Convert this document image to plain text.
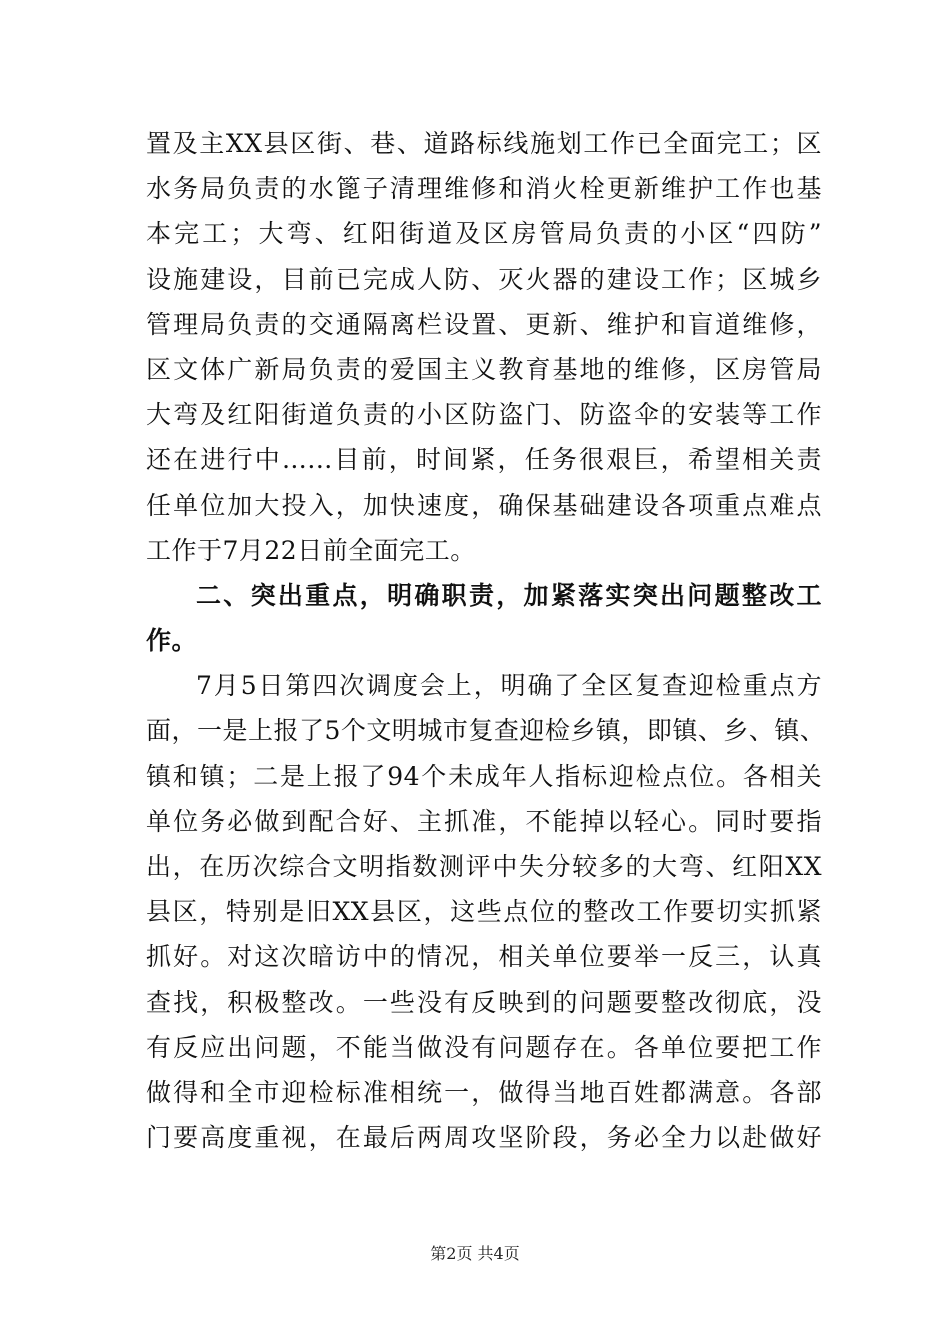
置及主XX县区街、巷、道路标线施划工作已全面完工；区
水务局负责的水篦子清理维修和消火栓更新维护工作也基
本完工；大弯、红阳街道及区房管局负责的小区“四防”
设施建设，目前已完成人防、灭火器的建设工作；区城乡
管理局负责的交通隔离栏设置、更新、维护和盲道维修，
区文体广新局负责的爱国主义教育基地的维修，区房管局
大弯及红阳街道负责的小区防盗门、防盗伞的安装等工作
还在进行中…...目前，时间紧，任务很艰巨，希望相关责
任单位加大投入，加快速度，确保基础建设各项重点难点
工作于7月22日前全面完工。
二、突出重点，明确职责，加紧落实突出问题整改工
作。
7月5日第四次调度会上，明确了全区复查迎检重点方
面，一是上报了5个文明城市复查迎检乡镇，即镇、乡、镇、
镇和镇；二是上报了94个未成年人指标迎检点位。各相关
单位务必做到配合好、主抓准，不能掉以轻心。同时要指
出，在历次综合文明指数测评中失分较多的大弯、红阳XX
县区，特别是旧XX县区，这些点位的整改工作要切实抓紧
抓好。对这次暗访中的情况，相关单位要举一反三，认真
查找，积极整改。一些没有反映到的问题要整改彻底，没
有反应出问题，不能当做没有问题存在。各单位要把工作
做得和全市迎检标准相统一，做得当地百姓都满意。各部
门要高度重视，在最后两周攻坚阶段，务必全力以赴做好
第2页 共4页
